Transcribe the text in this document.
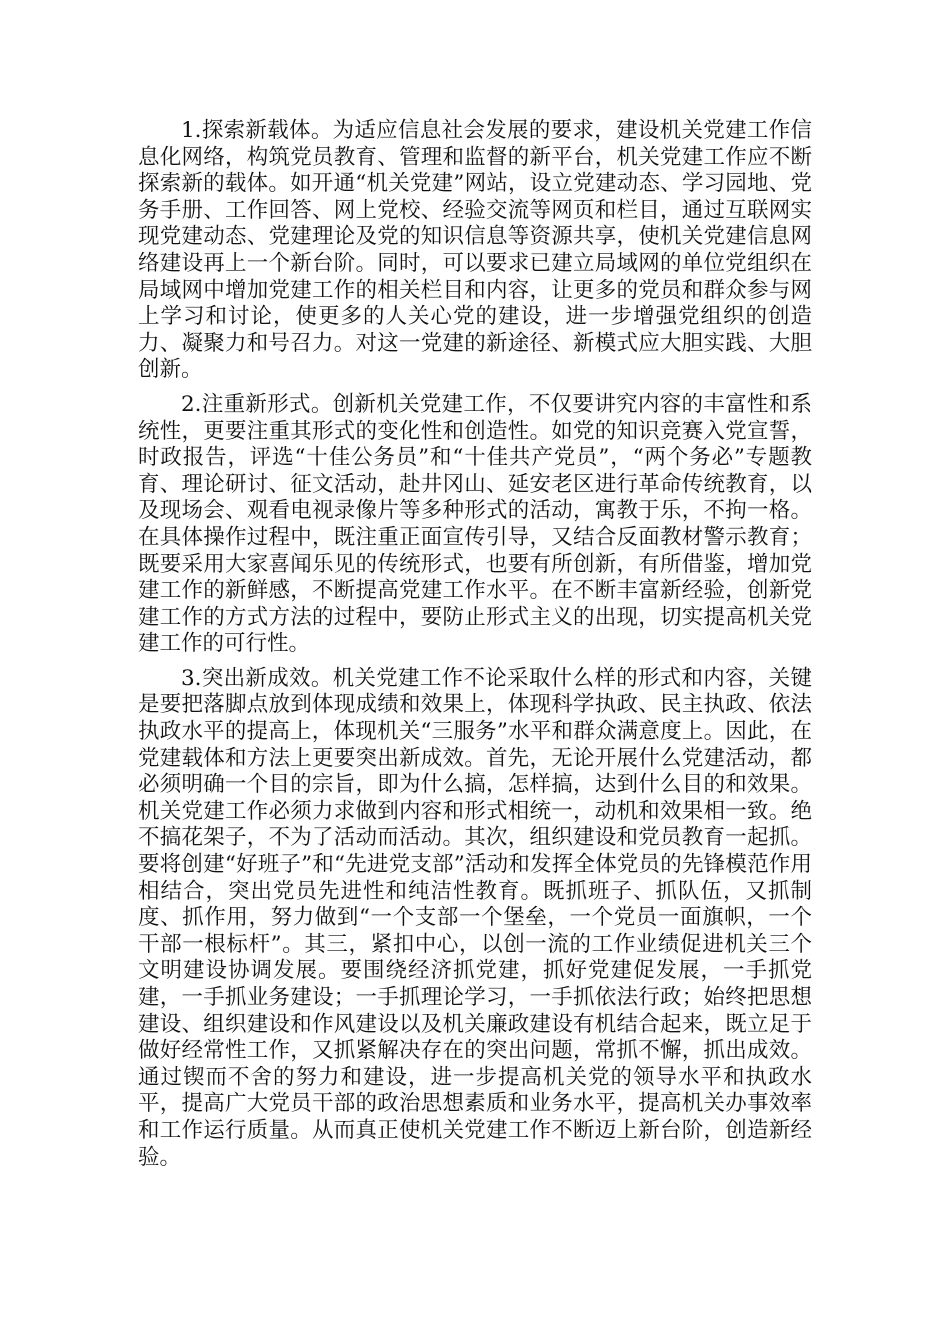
1.探索新载体。为适应信息社会发展的要求，建设机关党建工作信息化网络，构筑党员教育、管理和监督的新平台，机关党建工作应不断探索新的载体。如开通“机关党建”网站，设立党建动态、学习园地、党务手册、工作回答、网上党校、经验交流等网页和栏目，通过互联网实现党建动态、党建理论及党的知识信息等资源共享，使机关党建信息网络建设再上一个新台阶。同时，可以要求已建立局域网的单位党组织在局域网中增加党建工作的相关栏目和内容，让更多的党员和群众参与网上学习和讨论，使更多的人关心党的建设，进一步增强党组织的创造力、凝聚力和号召力。对这一党建的新途径、新模式应大胆实践、大胆创新。

2.注重新形式。创新机关党建工作，不仅要讲究内容的丰富性和系统性，更要注重其形式的变化性和创造性。如党的知识竞赛入党宣誓，时政报告，评选“十佳公务员”和“十佳共产党员”，“两个务必”专题教育、理论研讨、征文活动，赴井冈山、延安老区进行革命传统教育，以及现场会、观看电视录像片等多种形式的活动，寓教于乐，不拘一格。在具体操作过程中，既注重正面宣传引导，又结合反面教材警示教育；既要采用大家喜闻乐见的传统形式，也要有所创新，有所借鉴，增加党建工作的新鲜感，不断提高党建工作水平。在不断丰富新经验，创新党建工作的方式方法的过程中，要防止形式主义的出现，切实提高机关党建工作的可行性。

3.突出新成效。机关党建工作不论采取什么样的形式和内容，关键是要把落脚点放到体现成绩和效果上，体现科学执政、民主执政、依法执政水平的提高上，体现机关“三服务”水平和群众满意度上。因此，在党建载体和方法上更要突出新成效。首先，无论开展什么党建活动，都必须明确一个目的宗旨，即为什么搞，怎样搞，达到什么目的和效果。机关党建工作必须力求做到内容和形式相统一，动机和效果相一致。绝不搞花架子，不为了活动而活动。其次，组织建设和党员教育一起抓。要将创建“好班子”和“先进党支部”活动和发挥全体党员的先锋模范作用相结合，突出党员先进性和纯洁性教育。既抓班子、抓队伍，又抓制度、抓作用，努力做到“一个支部一个堡垒，一个党员一面旗帜，一个干部一根标杆”。其三，紧扣中心，以创一流的工作业绩促进机关三个文明建设协调发展。要围绕经济抓党建，抓好党建促发展，一手抓党建，一手抓业务建设；一手抓理论学习，一手抓依法行政；始终把思想建设、组织建设和作风建设以及机关廉政建设有机结合起来，既立足于做好经常性工作，又抓紧解决存在的突出问题，常抓不懈，抓出成效。通过锲而不舍的努力和建设，进一步提高机关党的领导水平和执政水平，提高广大党员干部的政治思想素质和业务水平，提高机关办事效率和工作运行质量。从而真正使机关党建工作不断迈上新台阶，创造新经验。
